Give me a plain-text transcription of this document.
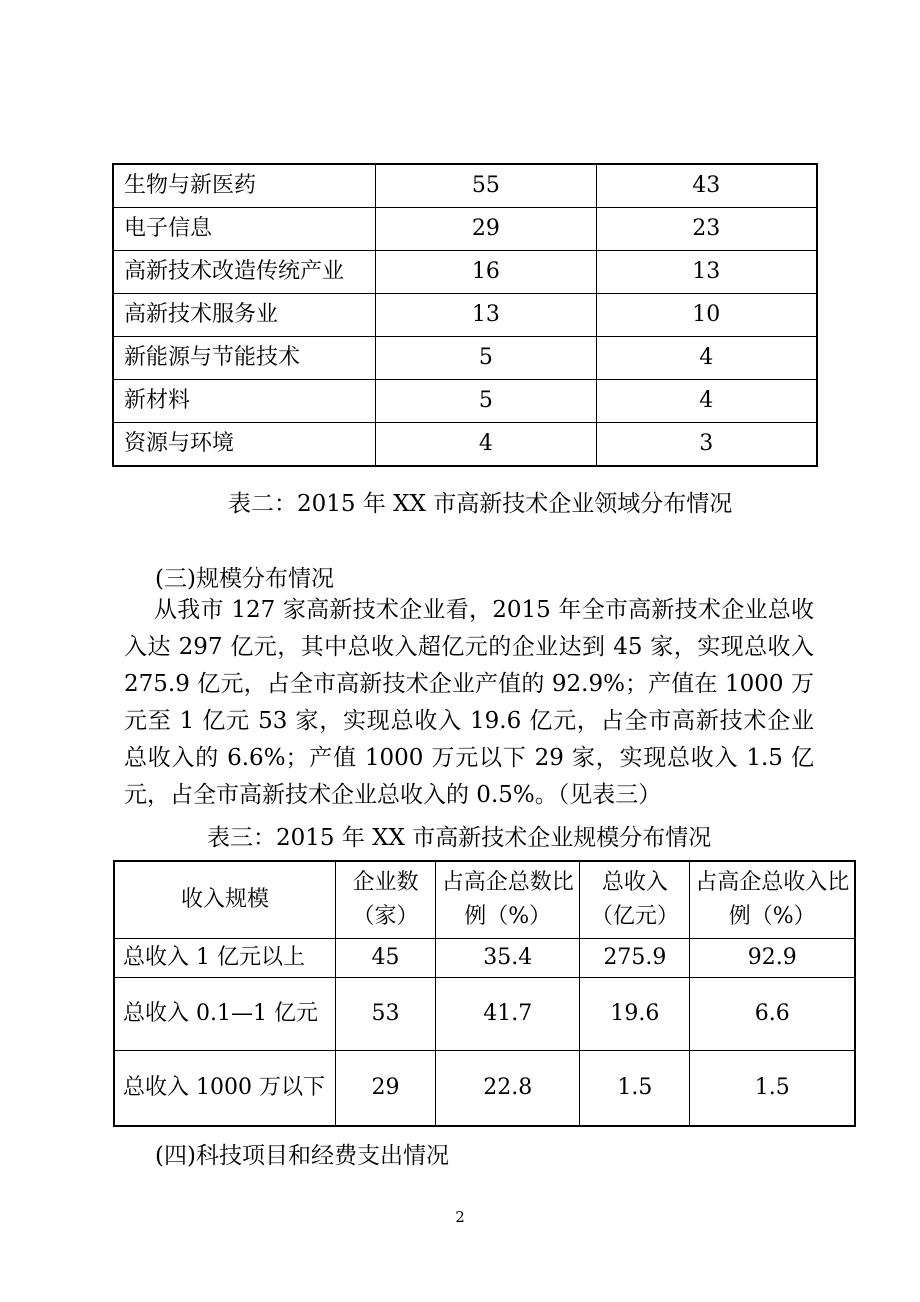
生物与新医药	55	43
电子信息	29	23
高新技术改造传统产业	16	13
高新技术服务业	13	10
新能源与节能技术	5	4
新材料	5	4
资源与环境	4	3
表二：2015 年 XX 市高新技术企业领域分布情况
(三)规模分布情况
从我市 127 家高新技术企业看，2015 年全市高新技术企业总收入达 297 亿元，其中总收入超亿元的企业达到 45 家，实现总收入 275.9 亿元，占全市高新技术企业产值的 92.9%；产值在 1000 万元至 1 亿元 53 家，实现总收入 19.6 亿元，占全市高新技术企业总收入的 6.6%；产值 1000 万元以下 29 家，实现总收入 1.5 亿元，占全市高新技术企业总收入的 0.5%。（见表三）
表三：2015 年 XX 市高新技术企业规模分布情况
收入规模	企业数（家）	占高企总数比例（%）	总收入（亿元）	占高企总收入比例（%）
总收入 1 亿元以上	45	35.4	275.9	92.9
总收入 0.1—1 亿元	53	41.7	19.6	6.6
总收入 1000 万以下	29	22.8	1.5	1.5
(四)科技项目和经费支出情况
2
